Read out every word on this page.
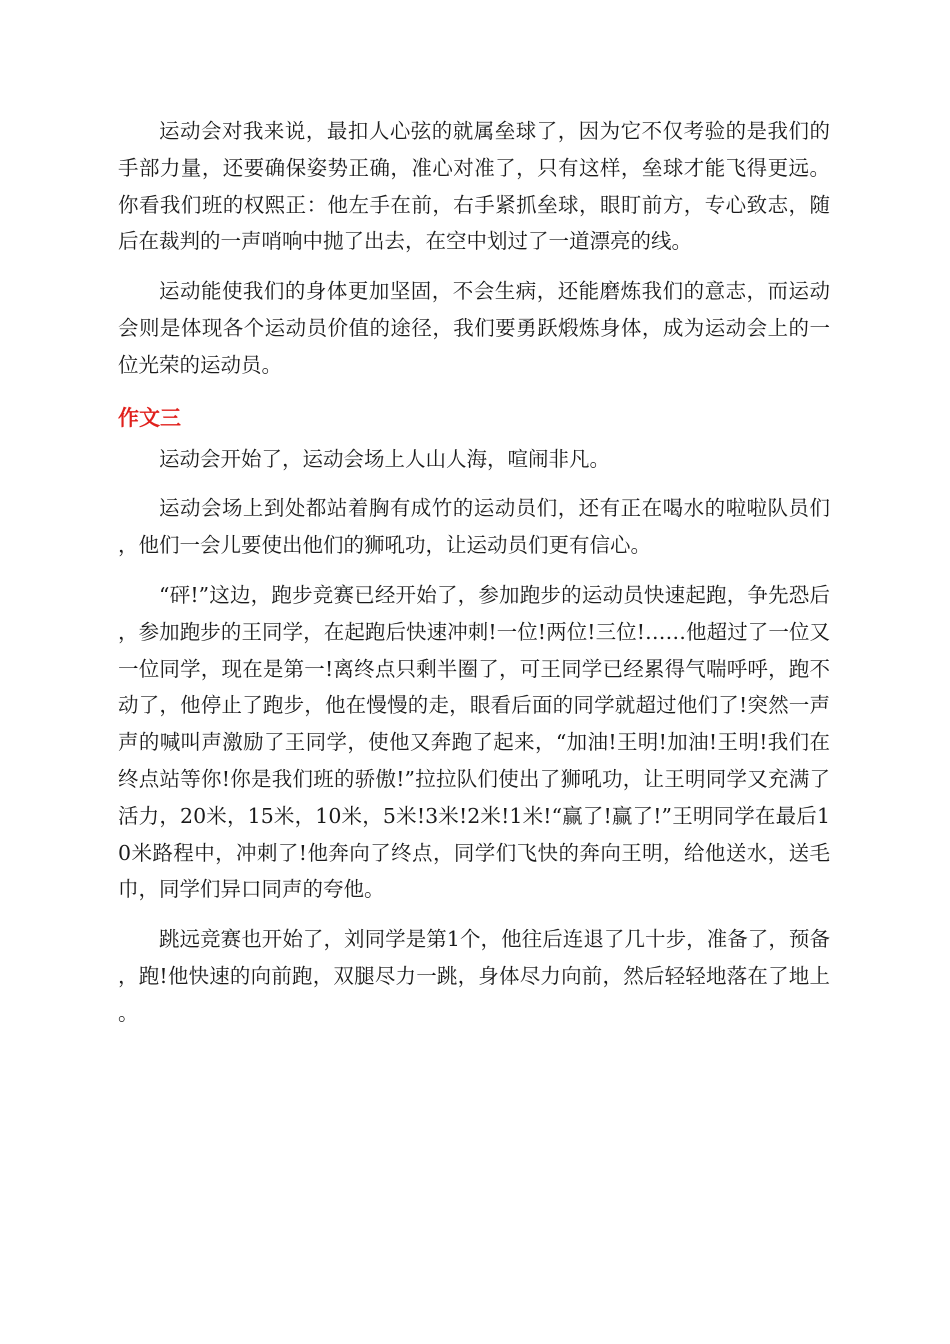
运动会对我来说，最扣人心弦的就属垒球了，因为它不仅考验的是我们的手部力量，还要确保姿势正确，准心对准了，只有这样，垒球才能飞得更远。你看我们班的权熙正：他左手在前，右手紧抓垒球，眼盯前方，专心致志，随后在裁判的一声哨响中抛了出去，在空中划过了一道漂亮的线。

运动能使我们的身体更加坚固，不会生病，还能磨炼我们的意志，而运动会则是体现各个运动员价值的途径，我们要勇跃煅炼身体，成为运动会上的一位光荣的运动员。

作文三

运动会开始了，运动会场上人山人海，喧闹非凡。

运动会场上到处都站着胸有成竹的运动员们，还有正在喝水的啦啦队员们，他们一会儿要使出他们的狮吼功，让运动员们更有信心。

“砰!”这边，跑步竞赛已经开始了，参加跑步的运动员快速起跑，争先恐后，参加跑步的王同学，在起跑后快速冲刺!一位!两位!三位!……他超过了一位又一位同学，现在是第一!离终点只剩半圈了，可王同学已经累得气喘呼呼，跑不动了，他停止了跑步，他在慢慢的走，眼看后面的同学就超过他们了!突然一声声的喊叫声激励了王同学，使他又奔跑了起来，“加油!王明!加油!王明!我们在终点站等你!你是我们班的骄傲!”拉拉队们使出了狮吼功，让王明同学又充满了活力，20米，15米，10米，5米!3米!2米!1米!“赢了!赢了!”王明同学在最后10米路程中，冲刺了!他奔向了终点，同学们飞快的奔向王明，给他送水，送毛巾，同学们异口同声的夸他。

跳远竞赛也开始了，刘同学是第1个，他往后连退了几十步，准备了，预备，跑!他快速的向前跑，双腿尽力一跳，身体尽力向前，然后轻轻地落在了地上。
